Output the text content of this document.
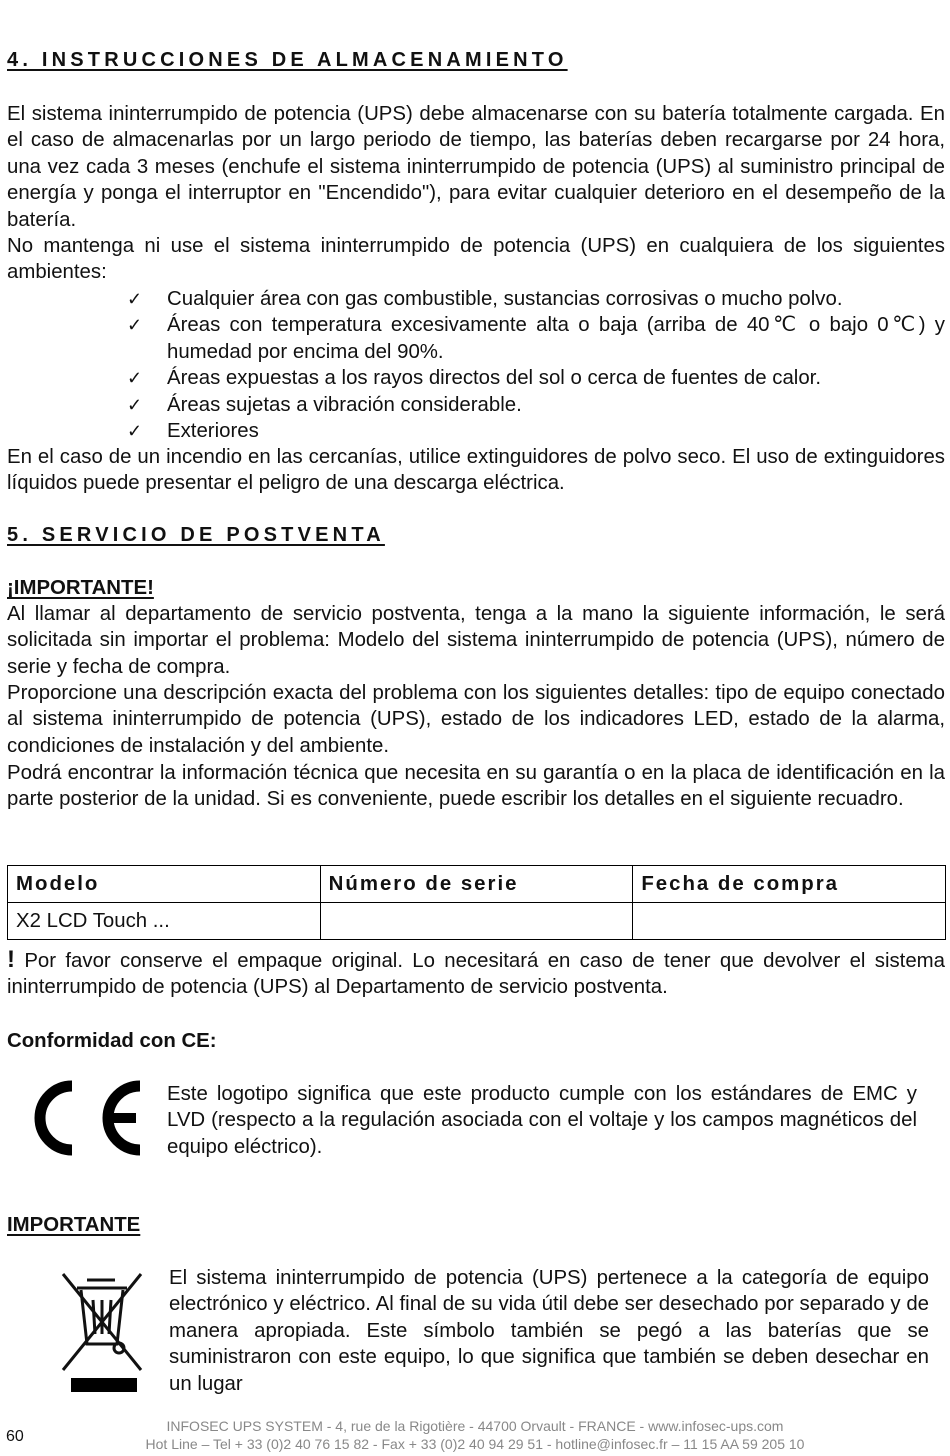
4. INSTRUCCIONES DE ALMACENAMIENTO
El sistema ininterrumpido de potencia (UPS) debe almacenarse con su batería totalmente cargada. En el caso de almacenarlas por un largo periodo de tiempo, las baterías deben recargarse por 24 hora, una vez cada 3 meses (enchufe el sistema ininterrumpido de potencia (UPS) al suministro principal de energía y ponga el interruptor en "Encendido"), para evitar cualquier deterioro en el desempeño de la batería.
No mantenga ni use el sistema ininterrumpido de potencia (UPS) en cualquiera de los siguientes ambientes:
✓ Cualquier área con gas combustible, sustancias corrosivas o mucho polvo.
✓ Áreas con temperatura excesivamente alta o baja (arriba de 40℃ o bajo 0℃) y humedad por encima del 90%.
✓ Áreas expuestas a los rayos directos del sol o cerca de fuentes de calor.
✓ Áreas sujetas a vibración considerable.
✓ Exteriores
En el caso de un incendio en las cercanías, utilice extinguidores de polvo seco. El uso de extinguidores líquidos puede presentar el peligro de una descarga eléctrica.
5. SERVICIO DE POSTVENTA
¡IMPORTANTE!
Al llamar al departamento de servicio postventa, tenga a la mano la siguiente información, le será solicitada sin importar el problema: Modelo del sistema ininterrumpido de potencia (UPS), número de serie y fecha de compra.
Proporcione una descripción exacta del problema con los siguientes detalles: tipo de equipo conectado al sistema ininterrumpido de potencia (UPS), estado de los indicadores LED, estado de la alarma, condiciones de instalación y del ambiente.
Podrá encontrar la información técnica que necesita en su garantía o en la placa de identificación en la parte posterior de la unidad. Si es conveniente, puede escribir los detalles en el siguiente recuadro.
Modelo	Número de serie	Fecha de compra
X2 LCD Touch ...		
! Por favor conserve el empaque original. Lo necesitará en caso de tener que devolver el sistema ininterrumpido de potencia (UPS) al Departamento de servicio postventa.
Conformidad con CE:
Este logotipo significa que este producto cumple con los estándares de EMC y LVD (respecto a la regulación asociada con el voltaje y los campos magnéticos del equipo eléctrico).
IMPORTANTE
El sistema ininterrumpido de potencia (UPS) pertenece a la categoría de equipo electrónico y eléctrico. Al final de su vida útil debe ser desechado por separado y de manera apropiada. Este símbolo también se pegó a las baterías que se suministraron con este equipo, lo que significa que también se deben desechar en un lugar
60
INFOSEC UPS SYSTEM - 4, rue de la Rigotière - 44700 Orvault - FRANCE - www.infosec-ups.com
Hot Line – Tel + 33 (0)2 40 76 15 82 - Fax + 33 (0)2 40 94 29 51 - hotline@infosec.fr – 11 15 AA 59 205 10
